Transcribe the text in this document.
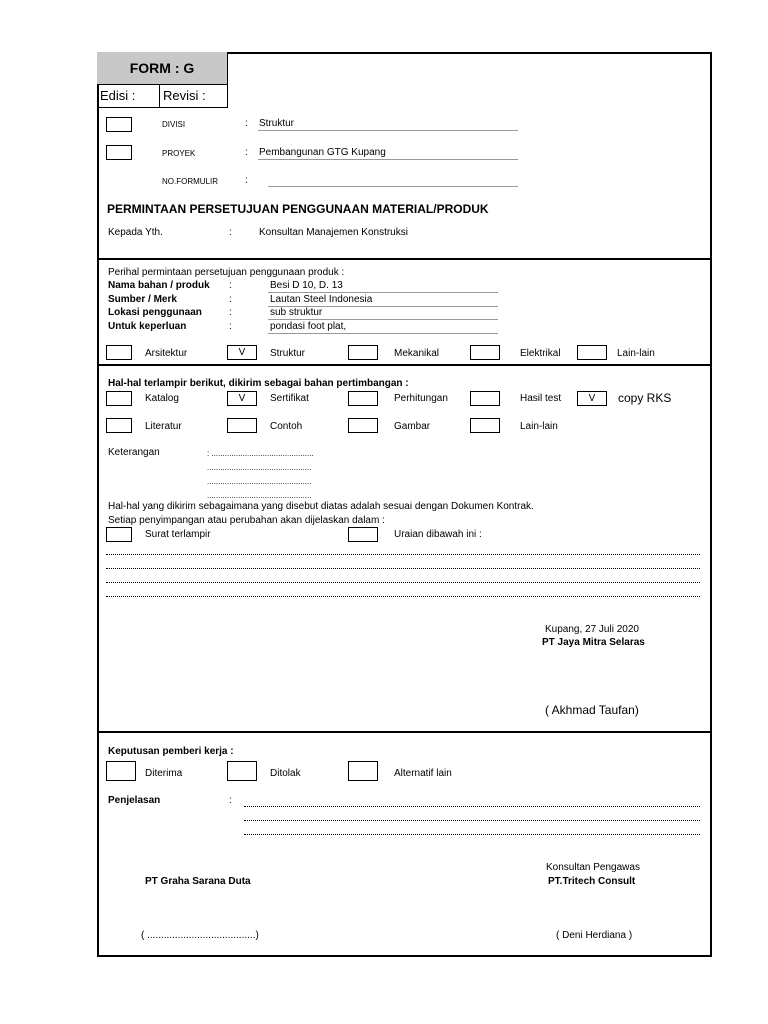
FORM : G
Edisi :	Revisi :
DIVISI	: Struktur
PROYEK	: Pembangunan GTG Kupang
NO.FORMULIR	:
PERMINTAAN PERSETUJUAN PENGGUNAAN MATERIAL/PRODUK
Kepada Yth.	:	Konsultan Manajemen Konstruksi
Perihal permintaan persetujuan penggunaan produk :
Nama bahan / produk :	Besi D 10, D. 13
Sumber / Merk	:	Lautan Steel Indonesia
Lokasi penggunaan	:	sub struktur
Untuk keperluan	:	pondasi foot plat,
Arsitektur	V	Struktur	Mekanikal	Elektrikal	Lain-lain
Hal-hal terlampir berikut, dikirim sebagai bahan pertimbangan :
Katalog	V	Sertifikat	Perhitungan	Hasil test	V	copy RKS
Literatur	Contoh	Gambar	Lain-lain
Keterangan	: ..............................................
...............................................
...............................................
...............................................
Hal-hal yang dikirim sebagaimana yang disebut diatas adalah sesuai dengan Dokumen Kontrak.
Setiap penyimpangan atau perubahan akan dijelaskan dalam :
Surat terlampir	Uraian dibawah ini :
Kupang, 27 Juli 2020
PT Jaya Mitra Selaras
( Akhmad Taufan)
Keputusan pemberi kerja :
Diterima	Ditolak	Alternatif lain
Penjelasan	:
Konsultan Pengawas
PT Graha Sarana Duta	PT.Tritech Consult
( .......................................)	( Deni Herdiana )
